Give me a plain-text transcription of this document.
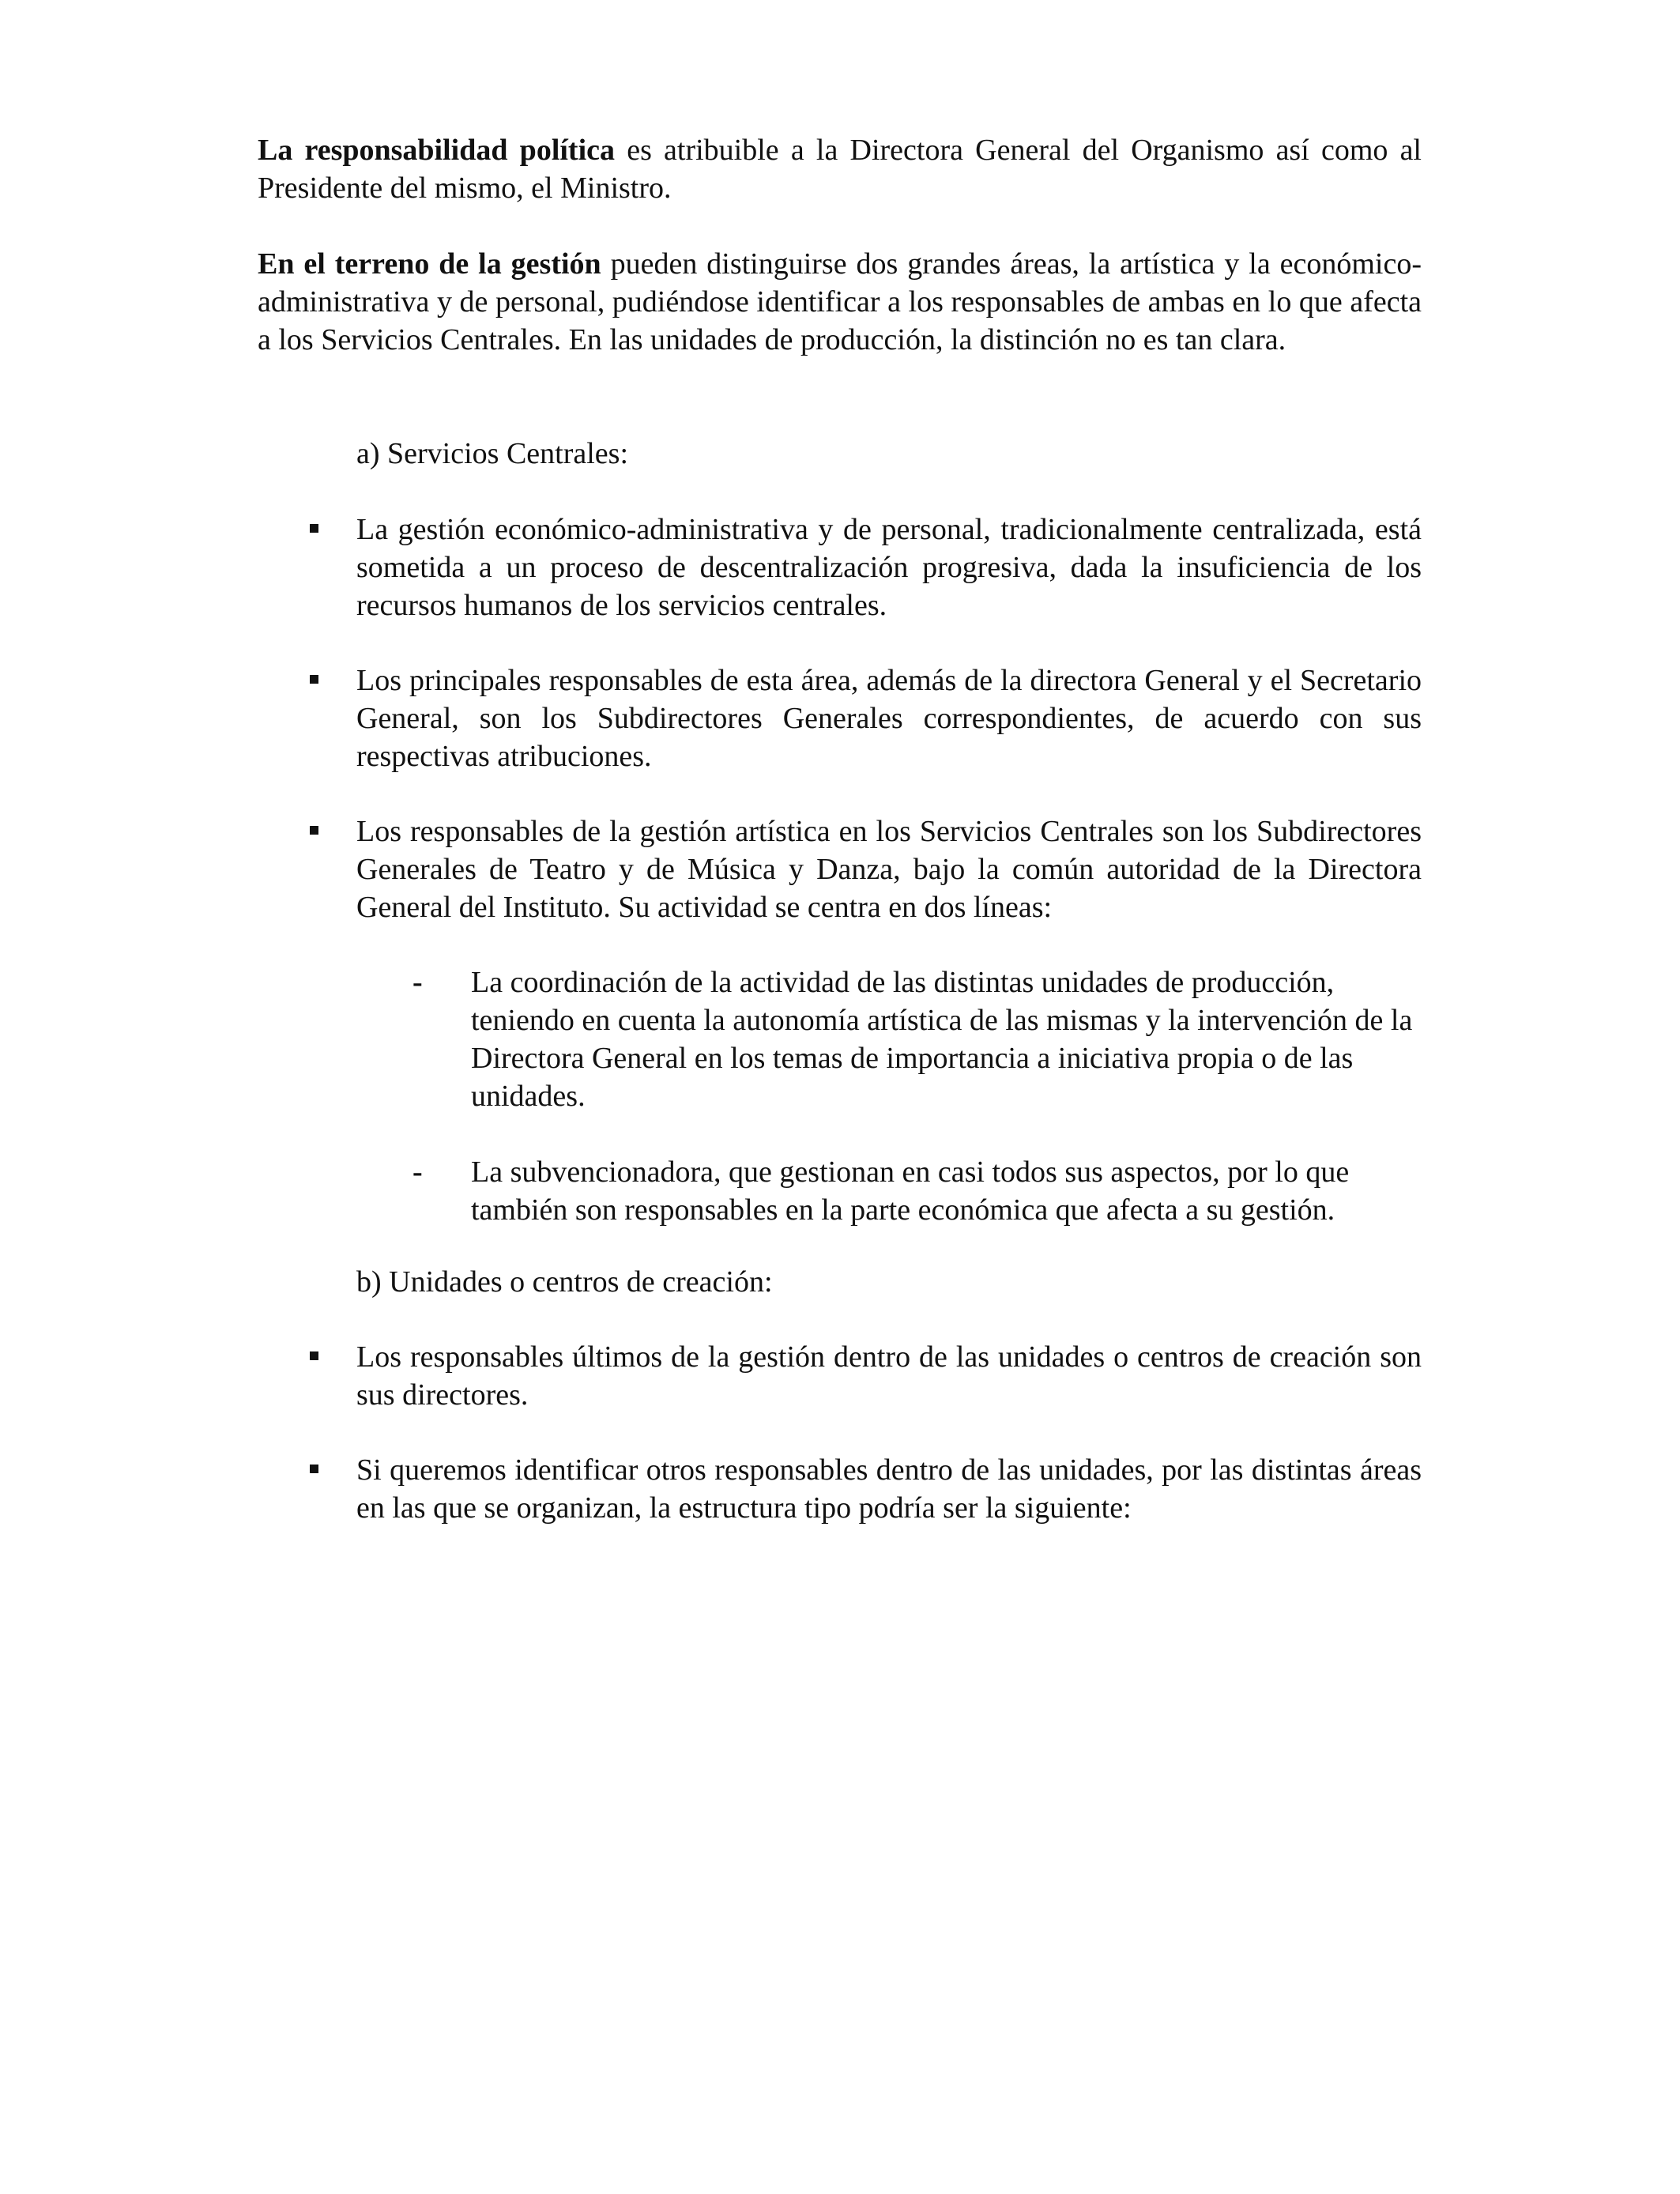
La responsabilidad política es atribuible a la Directora General del Organismo así como al Presidente del mismo, el Ministro.

En el terreno de la gestión pueden distinguirse dos grandes áreas, la artística y la económico-administrativa y de personal, pudiéndose identificar a los responsables de ambas en lo que afecta a los Servicios Centrales. En las unidades de producción, la distinción no es tan clara.

a) Servicios Centrales:
La gestión económico-administrativa y de personal, tradicionalmente centralizada, está sometida a un proceso de descentralización progresiva, dada la insuficiencia de los recursos humanos de los servicios centrales.
Los principales responsables de esta área, además de la directora General y el Secretario General, son los Subdirectores Generales correspondientes, de acuerdo con sus respectivas atribuciones.
Los responsables de la gestión artística en los Servicios Centrales son los Subdirectores Generales de Teatro y de Música y Danza, bajo la común autoridad de la Directora General del Instituto. Su actividad se centra en dos líneas:
- La coordinación de la actividad de las distintas unidades de producción, teniendo en cuenta la autonomía artística de las mismas y la intervención de la Directora General en los temas de importancia a iniciativa propia o de las unidades.
- La subvencionadora, que gestionan en casi todos sus aspectos, por lo que también son responsables en la parte económica que afecta a su gestión.
b) Unidades o centros de creación:
Los responsables últimos de la gestión dentro de las unidades o centros de creación son sus directores.
Si queremos identificar otros responsables dentro de las unidades, por las distintas áreas en las que se organizan, la estructura tipo podría ser la siguiente:
